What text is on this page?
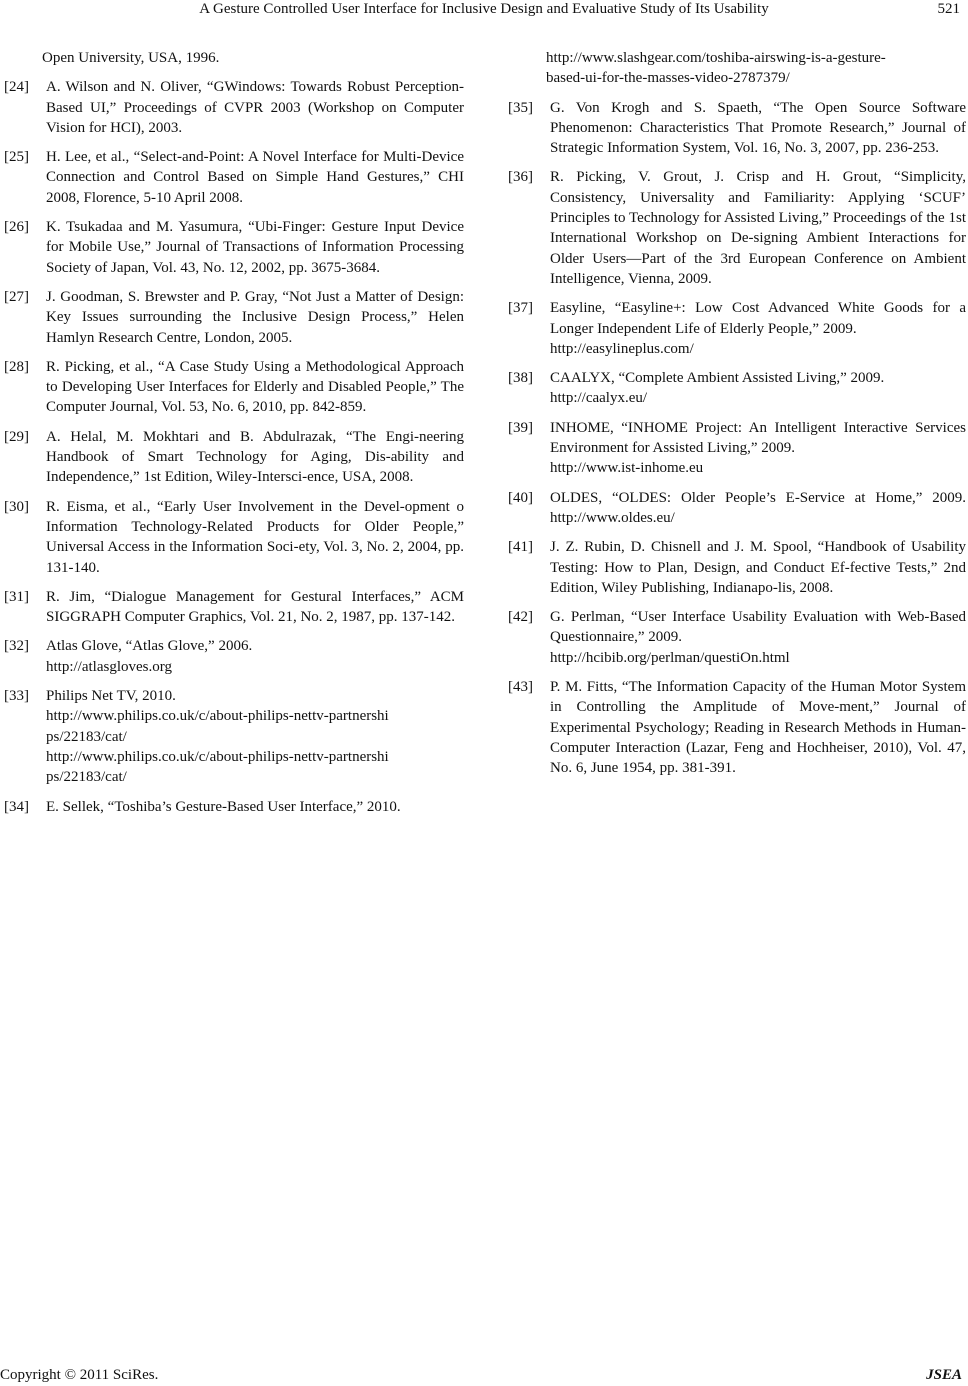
A Gesture Controlled User Interface for Inclusive Design and Evaluative Study of Its Usability	521
Open University, USA, 1996.
[24]	A. Wilson and N. Oliver, “GWindows: Towards Robust Perception-Based UI,” Proceedings of CVPR 2003 (Workshop on Computer Vision for HCI), 2003.
[25]	H. Lee, et al., “Select-and-Point: A Novel Interface for Multi-Device Connection and Control Based on Simple Hand Gestures,” CHI 2008, Florence, 5-10 April 2008.
[26]	K. Tsukadaa and M. Yasumura, “Ubi-Finger: Gesture Input Device for Mobile Use,” Journal of Transactions of Information Processing Society of Japan, Vol. 43, No. 12, 2002, pp. 3675-3684.
[27]	J. Goodman, S. Brewster and P. Gray, “Not Just a Matter of Design: Key Issues surrounding the Inclusive Design Process,” Helen Hamlyn Research Centre, London, 2005.
[28]	R. Picking, et al., “A Case Study Using a Methodological Approach to Developing User Interfaces for Elderly and Disabled People,” The Computer Journal, Vol. 53, No. 6, 2010, pp. 842-859.
[29]	A. Helal, M. Mokhtari and B. Abdulrazak, “The Engi-neering Handbook of Smart Technology for Aging, Dis-ability and Independence,” 1st Edition, Wiley-Intersci-ence, USA, 2008.
[30]	R. Eisma, et al., “Early User Involvement in the Devel-opment o Information Technology-Related Products for Older People,” Universal Access in the Information Soci-ety, Vol. 3, No. 2, 2004, pp. 131-140.
[31]	R. Jim, “Dialogue Management for Gestural Interfaces,” ACM SIGGRAPH Computer Graphics, Vol. 21, No. 2, 1987, pp. 137-142.
[32]	Atlas Glove, “Atlas Glove,” 2006.
http://atlasgloves.org
[33]	Philips Net TV, 2010.
http://www.philips.co.uk/c/about-philips-nettv-partnershi
ps/22183/cat/
http://www.philips.co.uk/c/about-philips-nettv-partnershi
ps/22183/cat/
[34]	E. Sellek, “Toshiba’s Gesture-Based User Interface,” 2010.
http://www.slashgear.com/toshiba-airswing-is-a-gesture-
based-ui-for-the-masses-video-2787379/
[35]	G. Von Krogh and S. Spaeth, “The Open Source Software Phenomenon: Characteristics That Promote Research,” Journal of Strategic Information System, Vol. 16, No. 3, 2007, pp. 236-253.
[36]	R. Picking, V. Grout, J. Crisp and H. Grout, “Simplicity, Consistency, Universality and Familiarity: Applying ‘SCUF’ Principles to Technology for Assisted Living,” Proceedings of the 1st International Workshop on De-signing Ambient Interactions for Older Users—Part of the 3rd European Conference on Ambient Intelligence, Vienna, 2009.
[37]	Easyline, “Easyline+: Low Cost Advanced White Goods for a Longer Independent Life of Elderly People,” 2009.
http://easylineplus.com/
[38]	CAALYX, “Complete Ambient Assisted Living,” 2009.
http://caalyx.eu/
[39]	INHOME, “INHOME Project: An Intelligent Interactive Services Environment for Assisted Living,” 2009.
http://www.ist-inhome.eu
[40]	OLDES, “OLDES: Older People’s E-Service at Home,” 2009. http://www.oldes.eu/
[41]	J. Z. Rubin, D. Chisnell and J. M. Spool, “Handbook of Usability Testing: How to Plan, Design, and Conduct Ef-fective Tests,” 2nd Edition, Wiley Publishing, Indianapo-lis, 2008.
[42]	G. Perlman, “User Interface Usability Evaluation with Web-Based Questionnaire,” 2009.
http://hcibib.org/perlman/questiOn.html
[43]	P. M. Fitts, “The Information Capacity of the Human Motor System in Controlling the Amplitude of Move-ment,” Journal of Experimental Psychology; Reading in Research Methods in Human-Computer Interaction (Lazar, Feng and Hochheiser, 2010), Vol. 47, No. 6, June 1954, pp. 381-391.
Copyright © 2011 SciRes.	JSEA
